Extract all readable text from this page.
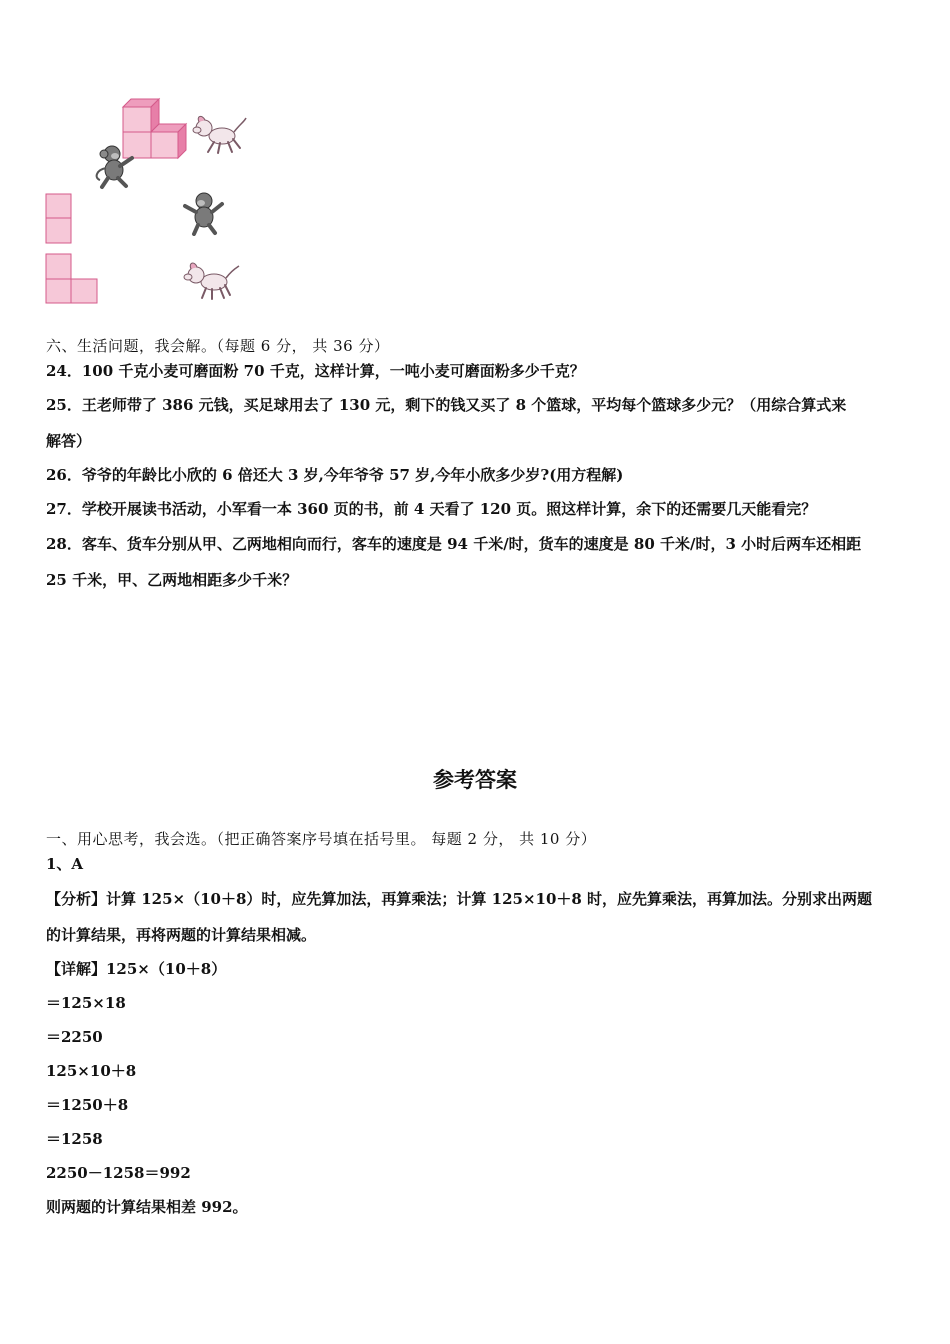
六、生活问题，我会解。（每题 6 分， 共 36 分）
24．100 千克小麦可磨面粉 70 千克，这样计算，一吨小麦可磨面粉多少千克？
25．王老师带了 386 元钱，买足球用去了 130 元，剩下的钱又买了 8 个篮球，平均每个篮球多少元？（用综合算式来
解答）
26．爷爷的年龄比小欣的 6 倍还大 3 岁,今年爷爷 57 岁,今年小欣多少岁?(用方程解)
27．学校开展读书活动，小军看一本 360 页的书，前 4 天看了 120 页。照这样计算，余下的还需要几天能看完？
28．客车、货车分别从甲、乙两地相向而行，客车的速度是 94 千米/时，货车的速度是 80 千米/时，3 小时后两车还相距
25 千米，甲、乙两地相距多少千米？
参考答案
一、用心思考，我会选。（把正确答案序号填在括号里。 每题 2 分， 共 10 分）
1、A
【分析】计算 125×（10＋8）时，应先算加法，再算乘法；计算 125×10＋8 时，应先算乘法，再算加法。分别求出两题
的计算结果，再将两题的计算结果相减。
【详解】125×（10＋8）
＝125×18
＝2250
125×10＋8
＝1250＋8
＝1258
2250－1258＝992
则两题的计算结果相差 992。
